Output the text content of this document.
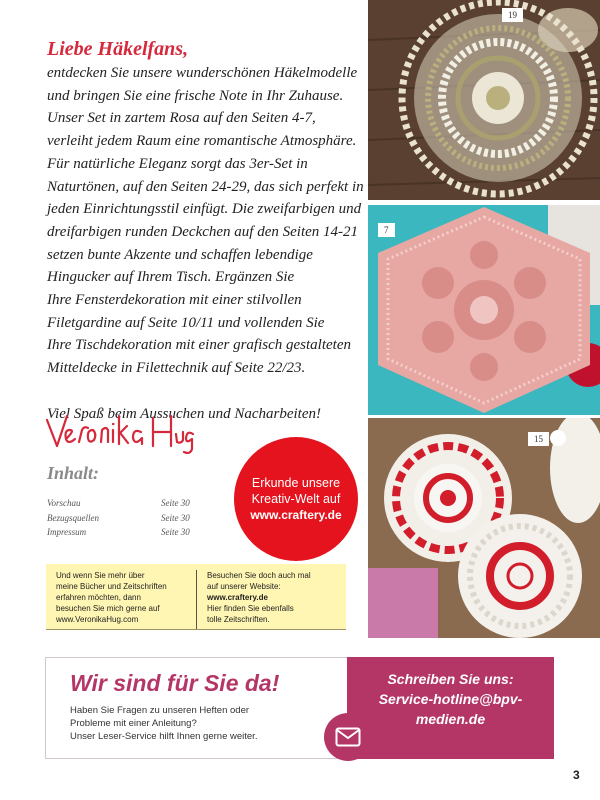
Liebe Häkelfans,
entdecken Sie unsere wunderschönen Häkelmodelle
und bringen Sie eine frische Note in Ihr Zuhause.
Unser Set in zartem Rosa auf den Seiten 4-7,
verleiht jedem Raum eine romantische Atmosphäre.
Für natürliche Eleganz sorgt das 3er-Set in
Naturtönen, auf den Seiten 24-29, das sich perfekt in
jeden Einrichtungsstil einfügt. Die zweifarbigen und
dreifarbigen runden Deckchen auf den Seiten 14-21
setzen bunte Akzente und schaffen lebendige
Hingucker auf Ihrem Tisch. Ergänzen Sie
Ihre Fensterdekoration mit einer stilvollen
Filetgardine auf Seite 10/11 und vollenden Sie
Ihre Tischdekoration mit einer grafisch gestalteten
Mitteldecke in Filettechnik auf Seite 22/23.
Viel Spaß beim Aussuchen und Nacharbeiten!
Inhalt:
Vorschau	Seite 30
Bezugsquellen	Seite 30
Impressum	Seite 30
Erkunde unsere
Kreativ-Welt auf
www.craftery.de
Und wenn Sie mehr über
meine Bücher und Zeitschriften
erfahren möchten, dann
besuchen Sie mich gerne auf
www.VeronikaHug.com
Besuchen Sie doch auch mal
auf unserer Website:
www.craftery.de
Hier finden Sie ebenfalls
tolle Zeitschriften.
19
7
15
Wir sind für Sie da!
Haben Sie Fragen zu unseren Heften oder
Probleme mit einer Anleitung?
Unser Leser-Service hilft Ihnen gerne weiter.
Schreiben Sie uns:
Service-hotline@bpv-
medien.de
3
